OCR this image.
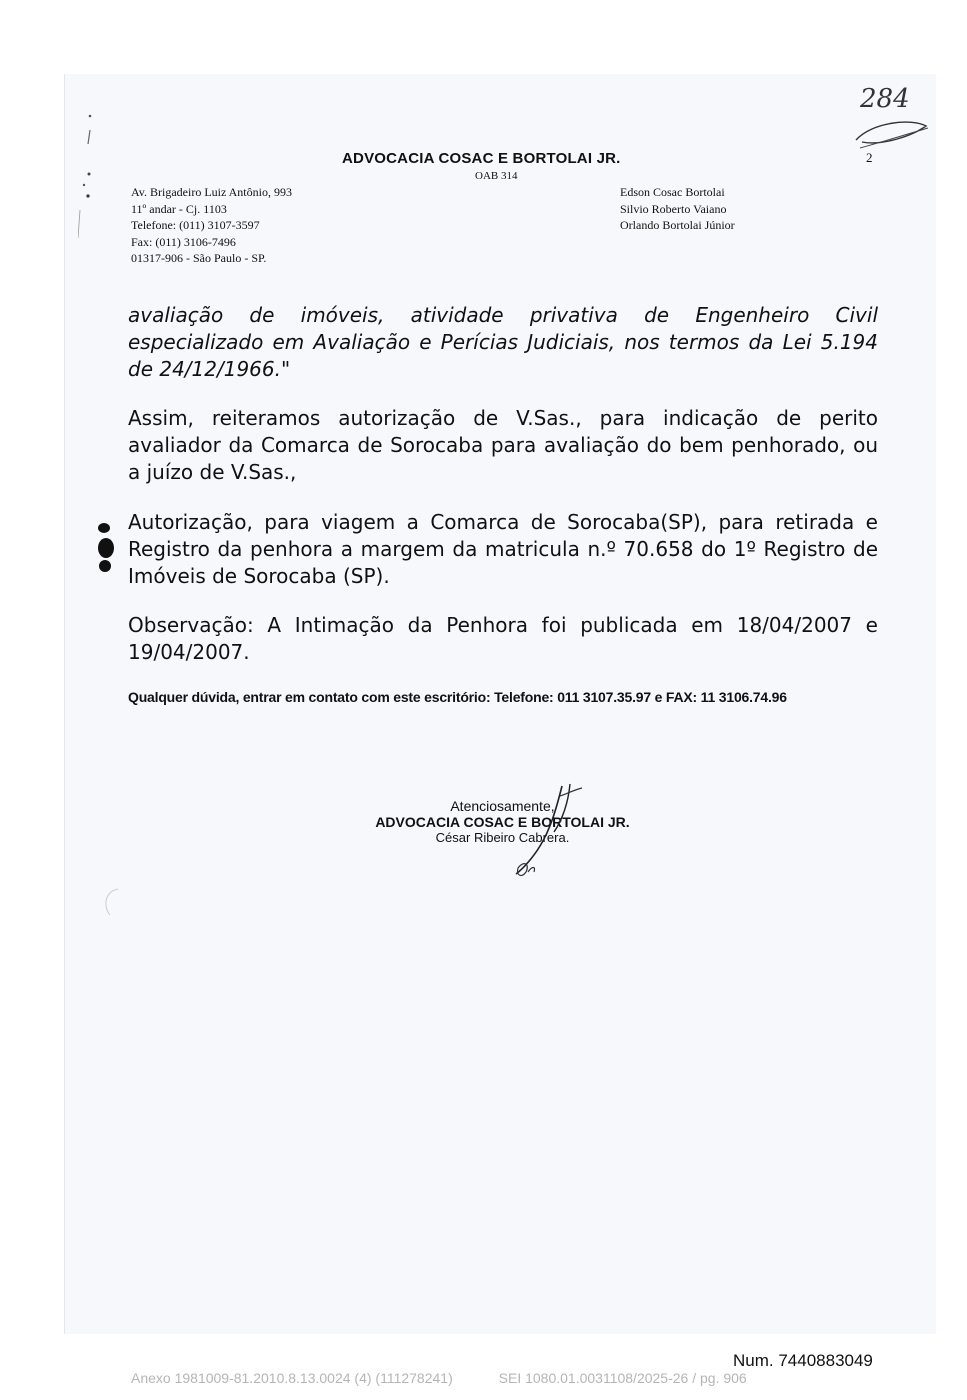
284
ADVOCACIA COSAC E BORTOLAI JR.
OAB 314
2
Av. Brigadeiro Luiz Antônio, 993
11º andar - Cj. 1103
Telefone: (011) 3107-3597
Fax: (011) 3106-7496
01317-906 - São Paulo - SP.
Edson Cosac Bortolai
Silvio Roberto Vaiano
Orlando Bortolai Júnior
avaliação de imóveis, atividade privativa de Engenheiro Civil especializado em Avaliação e Perícias Judiciais, nos termos da Lei 5.194 de 24/12/1966."
Assim, reiteramos autorização de V.Sas., para indicação de perito avaliador da Comarca de Sorocaba para avaliação do bem penhorado, ou a juízo de V.Sas.,
Autorização, para viagem a Comarca de Sorocaba(SP), para retirada e Registro da penhora a margem da matricula n.º 70.658 do 1º Registro de Imóveis de Sorocaba (SP).
Observação: A Intimação da Penhora foi publicada em 18/04/2007 e 19/04/2007.
Qualquer dúvida, entrar em contato com este escritório: Telefone: 011 3107.35.97 e FAX: 11 3106.74.96
Atenciosamente,
ADVOCACIA COSAC E BORTOLAI JR.
César Ribeiro Cabrera.
Num. 7440883049
Anexo 1981009-81.2010.8.13.0024 (4) (111278241)	SEI 1080.01.0031108/2025-26 / pg. 906
